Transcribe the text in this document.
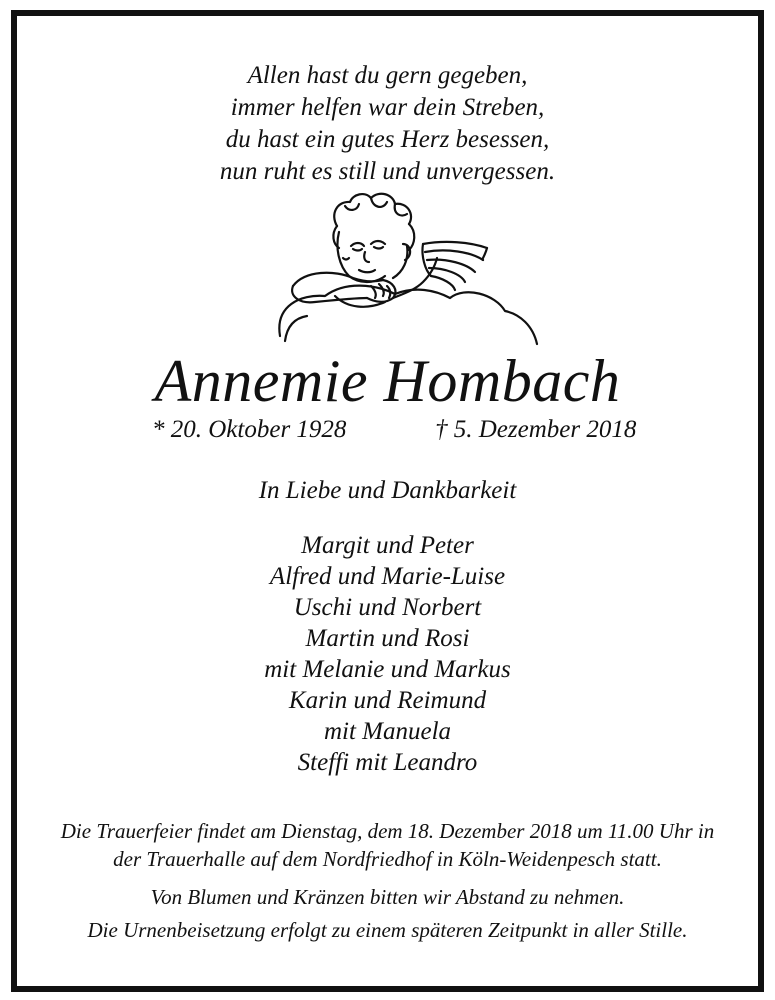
Allen hast du gern gegeben,
immer helfen war dein Streben,
du hast ein gutes Herz besessen,
nun ruht es still und unvergessen.
Annemie Hombach
* 20. Oktober 1928	† 5. Dezember 2018
In Liebe und Dankbarkeit
Margit und Peter
Alfred und Marie-Luise
Uschi und Norbert
Martin und Rosi
mit Melanie und Markus
Karin und Reimund
mit Manuela
Steffi mit Leandro
Die Trauerfeier findet am Dienstag, dem 18. Dezember 2018 um 11.00 Uhr in
der Trauerhalle auf dem Nordfriedhof in Köln-Weidenpesch statt.
Von Blumen und Kränzen bitten wir Abstand zu nehmen.
Die Urnenbeisetzung erfolgt zu einem späteren Zeitpunkt in aller Stille.
